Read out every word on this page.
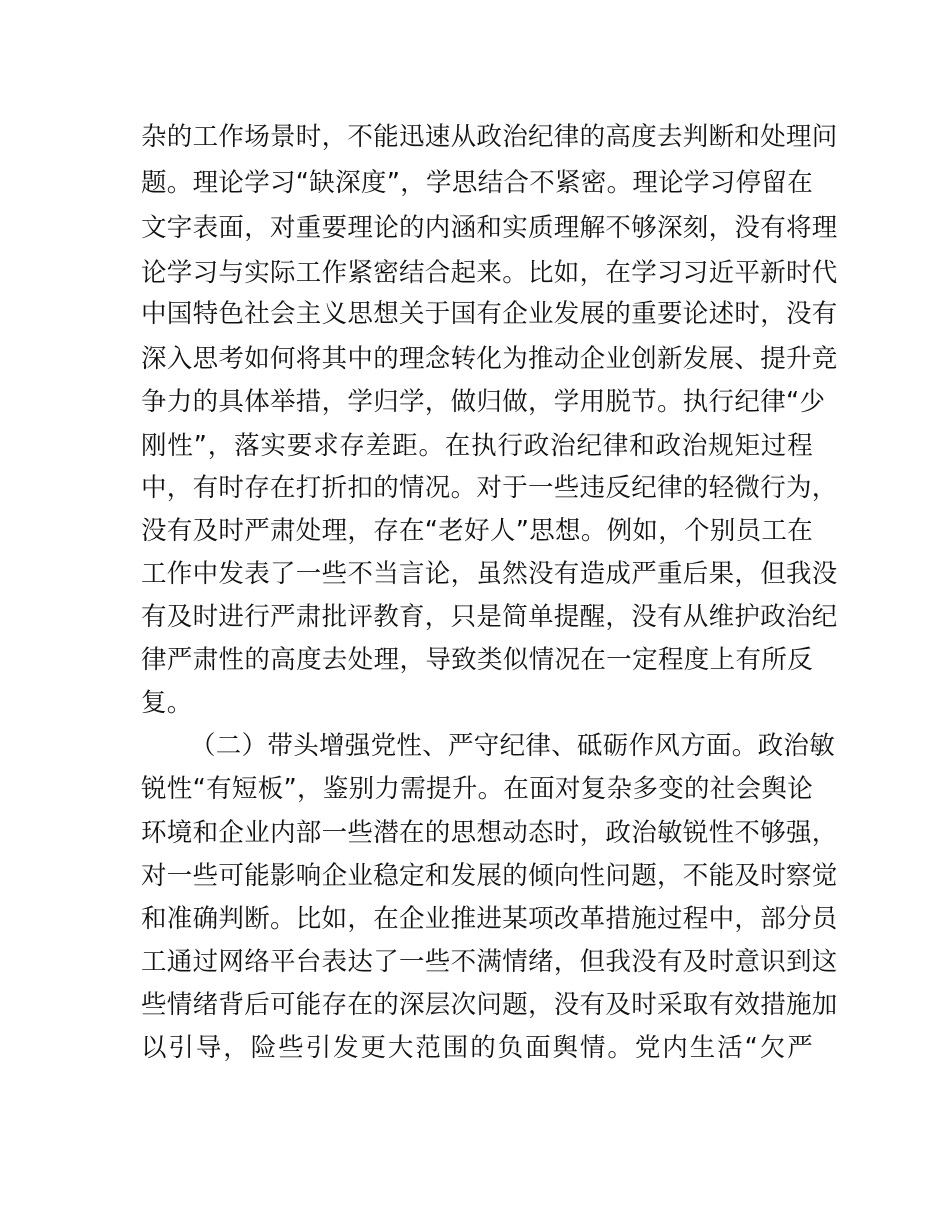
杂的工作场景时，不能迅速从政治纪律的高度去判断和处理问
题。理论学习“缺深度”，学思结合不紧密。理论学习停留在
文字表面，对重要理论的内涵和实质理解不够深刻，没有将理
论学习与实际工作紧密结合起来。比如，在学习习近平新时代
中国特色社会主义思想关于国有企业发展的重要论述时，没有
深入思考如何将其中的理念转化为推动企业创新发展、提升竞
争力的具体举措，学归学，做归做，学用脱节。执行纪律“少
刚性”，落实要求存差距。在执行政治纪律和政治规矩过程
中，有时存在打折扣的情况。对于一些违反纪律的轻微行为，
没有及时严肃处理，存在“老好人”思想。例如，个别员工在
工作中发表了一些不当言论，虽然没有造成严重后果，但我没
有及时进行严肃批评教育，只是简单提醒，没有从维护政治纪
律严肃性的高度去处理，导致类似情况在一定程度上有所反
复。
（二）带头增强党性、严守纪律、砥砺作风方面。政治敏
锐性“有短板”，鉴别力需提升。在面对复杂多变的社会舆论
环境和企业内部一些潜在的思想动态时，政治敏锐性不够强，
对一些可能影响企业稳定和发展的倾向性问题，不能及时察觉
和准确判断。比如，在企业推进某项改革措施过程中，部分员
工通过网络平台表达了一些不满情绪，但我没有及时意识到这
些情绪背后可能存在的深层次问题，没有及时采取有效措施加
以引导，险些引发更大范围的负面舆情。党内生活“欠严
